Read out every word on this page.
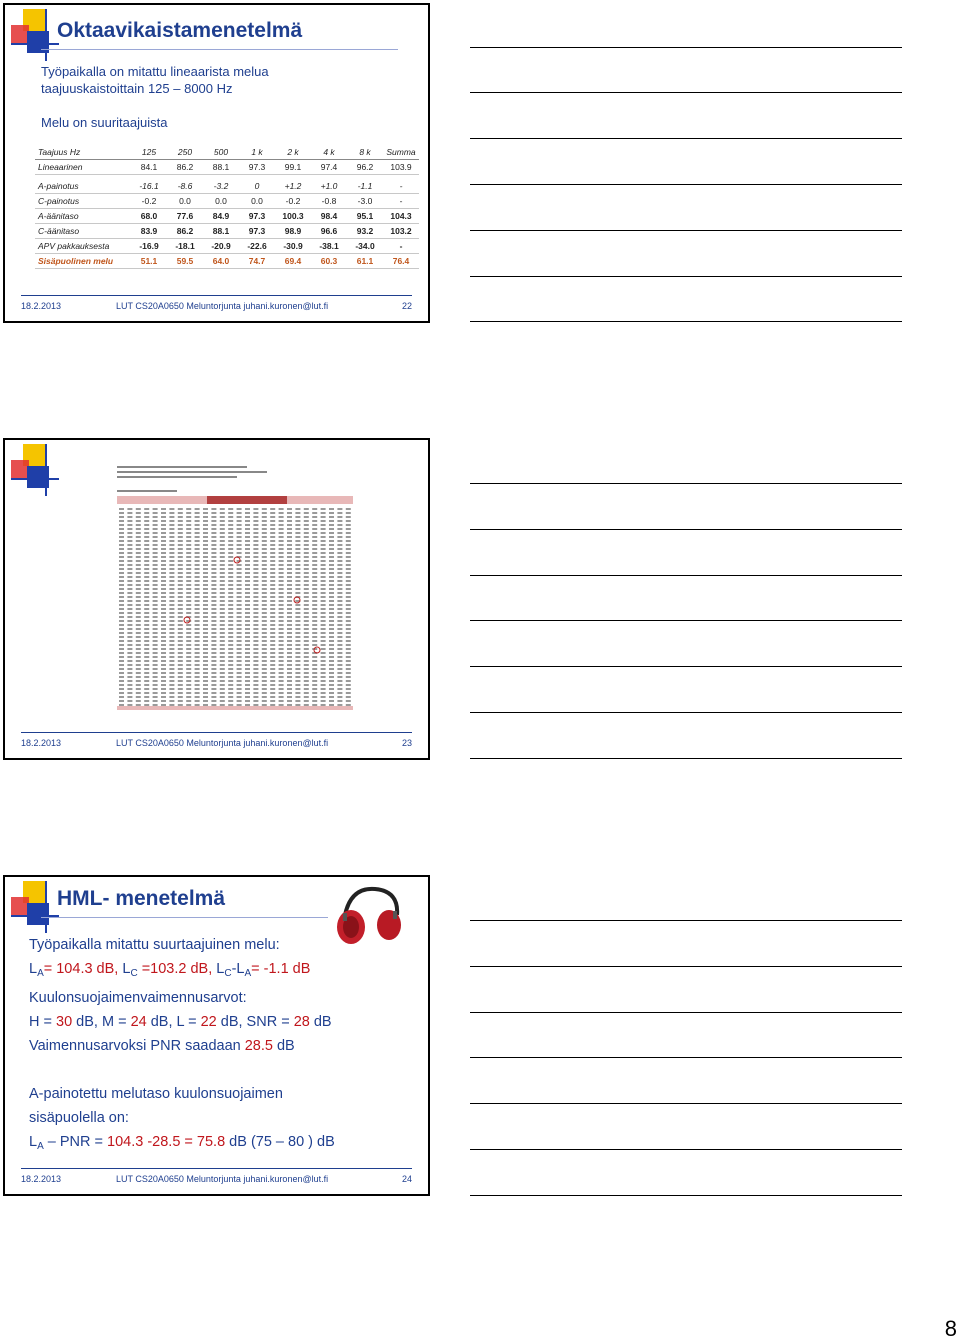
Oktaavikaistamenetelmä
Työpaikalla on mitattu lineaarista melua
taajuuskaistoittain 125 – 8000 Hz
Melu on suuritaajuista
Taajuus Hz	125	250	500	1 k	2 k	4 k	8 k	Summa
Lineaarinen	84.1	86.2	88.1	97.3	99.1	97.4	96.2	103.9

A-painotus	-16.1	-8.6	-3.2	0	+1.2	+1.0	-1.1	-
C-painotus	-0.2	0.0	0.0	0.0	-0.2	-0.8	-3.0	-
A-äänitaso	68.0	77.6	84.9	97.3	100.3	98.4	95.1	104.3
C-äänitaso	83.9	86.2	88.1	97.3	98.9	96.6	93.2	103.2
APV pakkauksesta	-16.9	-18.1	-20.9	-22.6	-30.9	-38.1	-34.0	-
Sisäpuolinen melu	51.1	59.5	64.0	74.7	69.4	60.3	61.1	76.4
18.2.2013	LUT CS20A0650 Meluntorjunta juhani.kuronen@lut.fi	22
18.2.2013	LUT CS20A0650 Meluntorjunta juhani.kuronen@lut.fi	23
HML- menetelmä
Työpaikalla mitattu suurtaajuinen melu:
$L_A= 104.3$ dB, $L_C =103.2$ dB, $L_C-L_A= -1.1$ dB
Kuulonsuojaimenvaimennusarvot:
H = 30 dB, M = 24 dB, L = 22 dB, SNR = 28 dB
Vaimennusarvoksi PNR saadaan 28.5 dB
A-painotettu melutaso kuulonsuojaimen
sisäpuolella on:
$L_A$ – PNR = 104.3 -28.5 = 75.8 dB (75 – 80 ) dB
18.2.2013	LUT CS20A0650 Meluntorjunta juhani.kuronen@lut.fi	24
8
